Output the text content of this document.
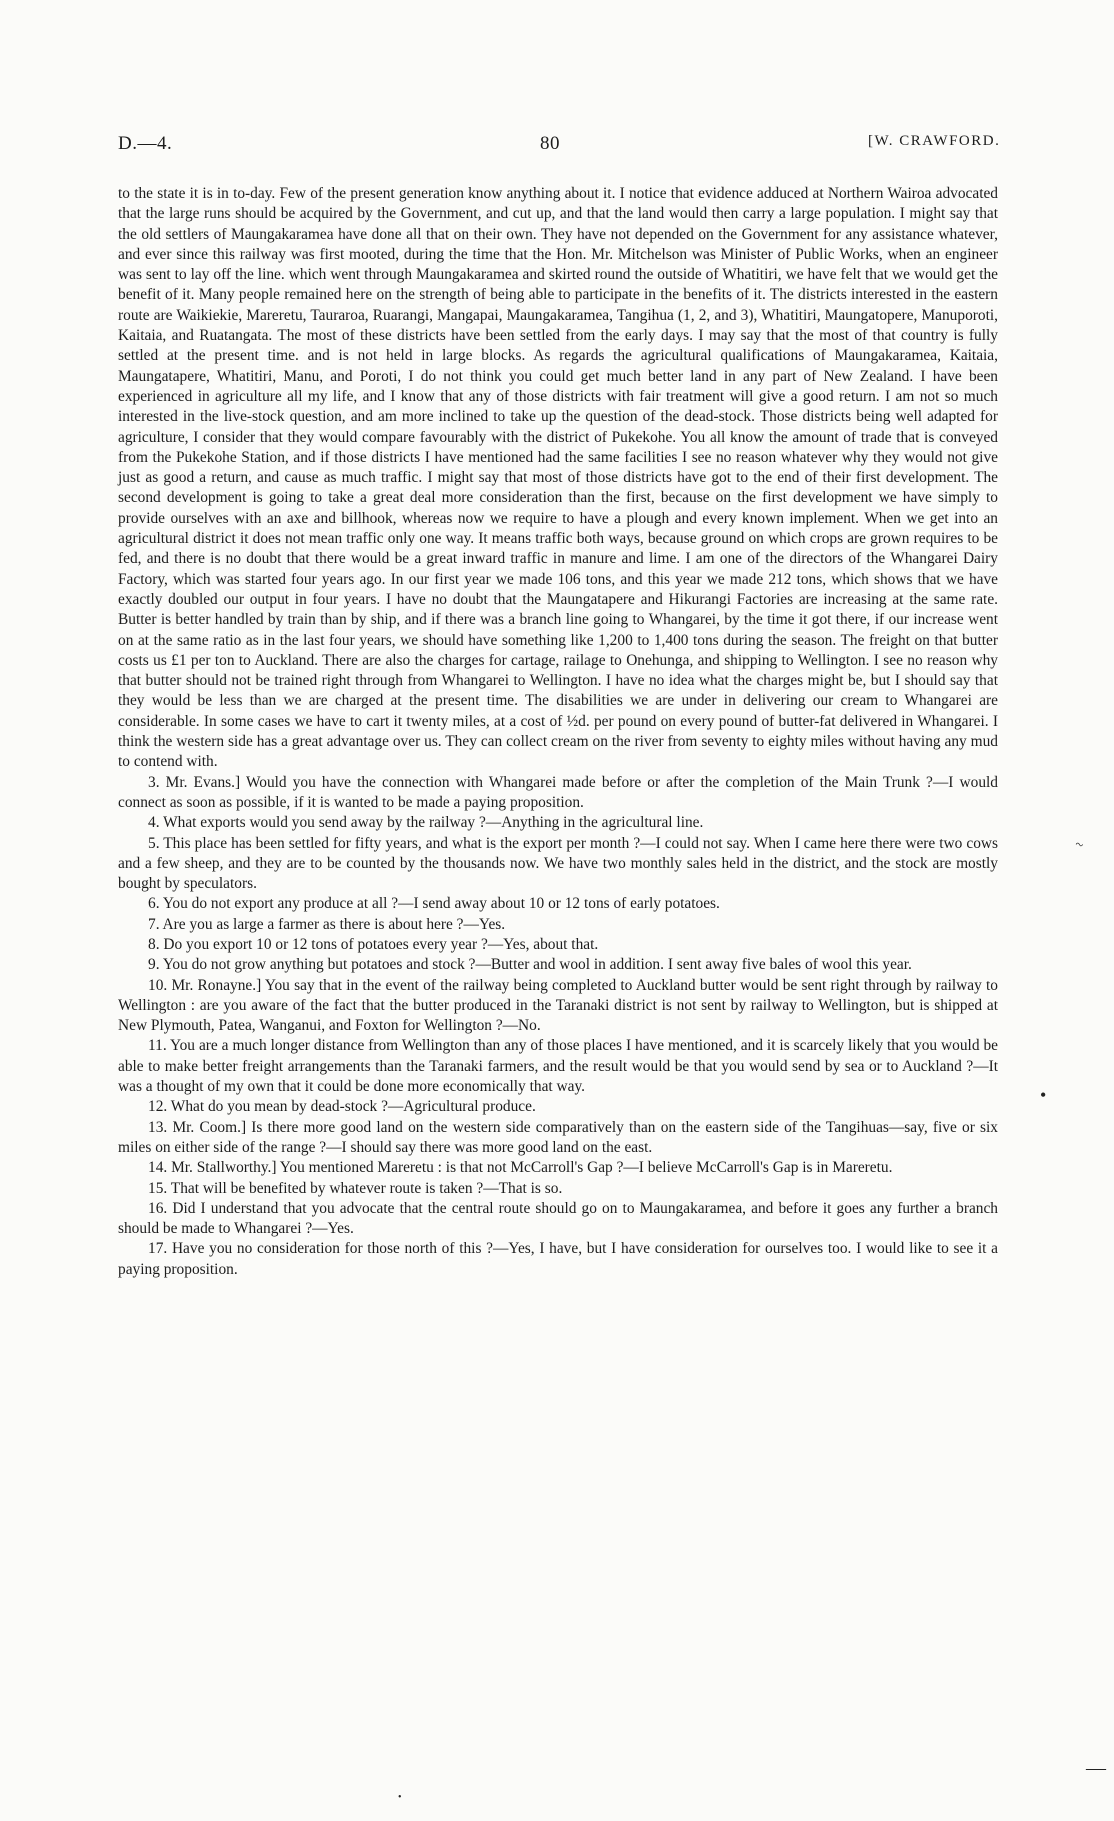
D.—4.	80	[W. CRAWFORD.

to the state it is in to-day. Few of the present generation know anything about it. I notice that evidence adduced at Northern Wairoa advocated that the large runs should be acquired by the Government, and cut up, and that the land would then carry a large population. I might say that the old settlers of Maungakaramea have done all that on their own. They have not depended on the Government for any assistance whatever, and ever since this railway was first mooted, during the time that the Hon. Mr. Mitchelson was Minister of Public Works, when an engineer was sent to lay off the line. which went through Maungakaramea and skirted round the outside of Whatitiri, we have felt that we would get the benefit of it. Many people remained here on the strength of being able to participate in the benefits of it. The districts interested in the eastern route are Waikiekie, Mareretu, Tauraroa, Ruarangi, Mangapai, Maungakaramea, Tangihua (1, 2, and 3), Whatitiri, Maungatopere, Manuporoti, Kaitaia, and Ruatangata. The most of these districts have been settled from the early days. I may say that the most of that country is fully settled at the present time. and is not held in large blocks. As regards the agricultural qualifications of Maungakaramea, Kaitaia, Maungatapere, Whatitiri, Manu, and Poroti, I do not think you could get much better land in any part of New Zealand. I have been experienced in agriculture all my life, and I know that any of those districts with fair treatment will give a good return. I am not so much interested in the live-stock question, and am more inclined to take up the question of the dead-stock. Those districts being well adapted for agriculture, I consider that they would compare favourably with the district of Pukekohe. You all know the amount of trade that is conveyed from the Pukekohe Station, and if those districts I have mentioned had the same facilities I see no reason whatever why they would not give just as good a return, and cause as much traffic. I might say that most of those districts have got to the end of their first development. The second development is going to take a great deal more consideration than the first, because on the first development we have simply to provide ourselves with an axe and billhook, whereas now we require to have a plough and every known implement. When we get into an agricultural district it does not mean traffic only one way. It means traffic both ways, because ground on which crops are grown requires to be fed, and there is no doubt that there would be a great inward traffic in manure and lime. I am one of the directors of the Whangarei Dairy Factory, which was started four years ago. In our first year we made 106 tons, and this year we made 212 tons, which shows that we have exactly doubled our output in four years. I have no doubt that the Maungatapere and Hikurangi Factories are increasing at the same rate. Butter is better handled by train than by ship, and if there was a branch line going to Whangarei, by the time it got there, if our increase went on at the same ratio as in the last four years, we should have something like 1,200 to 1,400 tons during the season. The freight on that butter costs us £1 per ton to Auckland. There are also the charges for cartage, railage to Onehunga, and shipping to Wellington. I see no reason why that butter should not be trained right through from Whangarei to Wellington. I have no idea what the charges might be, but I should say that they would be less than we are charged at the present time. The disabilities we are under in delivering our cream to Whangarei are considerable. In some cases we have to cart it twenty miles, at a cost of ½d. per pound on every pound of butter-fat delivered in Whangarei. I think the western side has a great advantage over us. They can collect cream on the river from seventy to eighty miles without having any mud to contend with.

3. Mr. Evans.] Would you have the connection with Whangarei made before or after the completion of the Main Trunk ?—I would connect as soon as possible, if it is wanted to be made a paying proposition.

4. What exports would you send away by the railway ?—Anything in the agricultural line.

5. This place has been settled for fifty years, and what is the export per month ?—I could not say. When I came here there were two cows and a few sheep, and they are to be counted by the thousands now. We have two monthly sales held in the district, and the stock are mostly bought by speculators.

6. You do not export any produce at all ?—I send away about 10 or 12 tons of early potatoes.

7. Are you as large a farmer as there is about here ?—Yes.

8. Do you export 10 or 12 tons of potatoes every year ?—Yes, about that.

9. You do not grow anything but potatoes and stock ?—Butter and wool in addition. I sent away five bales of wool this year.

10. Mr. Ronayne.] You say that in the event of the railway being completed to Auckland butter would be sent right through by railway to Wellington : are you aware of the fact that the butter produced in the Taranaki district is not sent by railway to Wellington, but is shipped at New Plymouth, Patea, Wanganui, and Foxton for Wellington ?—No.

11. You are a much longer distance from Wellington than any of those places I have mentioned, and it is scarcely likely that you would be able to make better freight arrangements than the Taranaki farmers, and the result would be that you would send by sea or to Auckland ?—It was a thought of my own that it could be done more economically that way.

12. What do you mean by dead-stock ?—Agricultural produce.

13. Mr. Coom.] Is there more good land on the western side comparatively than on the eastern side of the Tangihuas—say, five or six miles on either side of the range ?—I should say there was more good land on the east.

14. Mr. Stallworthy.] You mentioned Mareretu : is that not McCarroll's Gap ?—I believe McCarroll's Gap is in Mareretu.

15. That will be benefited by whatever route is taken ?—That is so.

16. Did I understand that you advocate that the central route should go on to Maungakaramea, and before it goes any further a branch should be made to Whangarei ?—Yes.

17. Have you no consideration for those north of this ?—Yes, I have, but I have consideration for ourselves too. I would like to see it a paying proposition.

~
•
—
•
